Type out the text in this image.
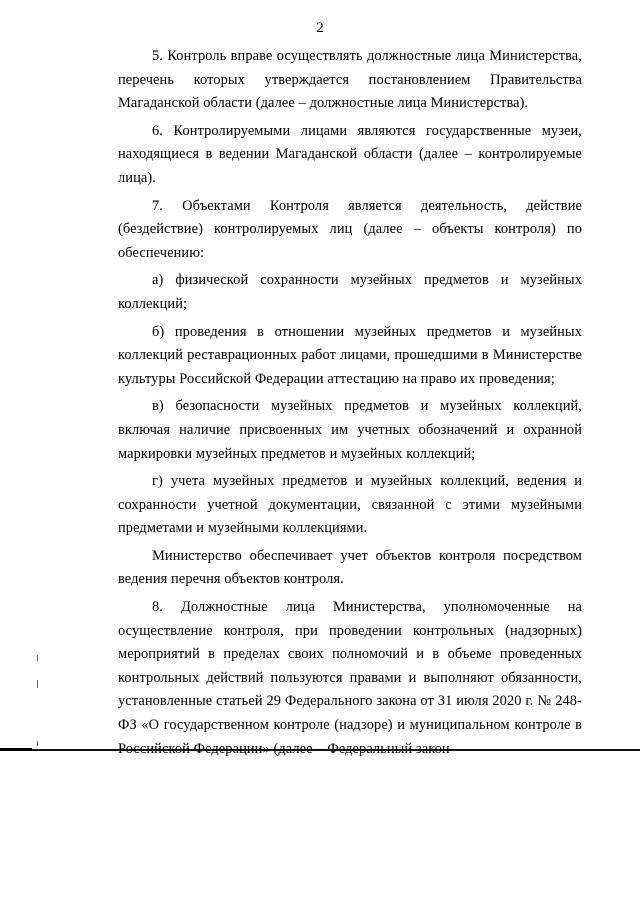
2

5. Контроль вправе осуществлять должностные лица Министерства, перечень которых утверждается постановлением Правительства Магаданской области (далее – должностные лица Министерства).

6. Контролируемыми лицами являются государственные музеи, находящиеся в ведении Магаданской области (далее – контролируемые лица).

7. Объектами Контроля является деятельность, действие (бездействие) контролируемых лиц (далее – объекты контроля) по обеспечению:

а) физической сохранности музейных предметов и музейных коллекций;

б) проведения в отношении музейных предметов и музейных коллекций реставрационных работ лицами, прошедшими в Министерстве культуры Российской Федерации аттестацию на право их проведения;

в) безопасности музейных предметов и музейных коллекций, включая наличие присвоенных им учетных обозначений и охранной маркировки музейных предметов и музейных коллекций;

г) учета музейных предметов и музейных коллекций, ведения и сохранности учетной документации, связанной с этими музейными предметами и музейными коллекциями.

Министерство обеспечивает учет объектов контроля посредством ведения перечня объектов контроля.

8. Должностные лица Министерства, уполномоченные на осуществление контроля, при проведении контрольных (надзорных) мероприятий в пределах своих полномочий и в объеме проведенных контрольных действий пользуются правами и выполняют обязанности, установленные статьей 29 Федерального закона от 31 июля 2020 г. № 248-ФЗ «О государственном контроле (надзоре) и муниципальном контроле в
